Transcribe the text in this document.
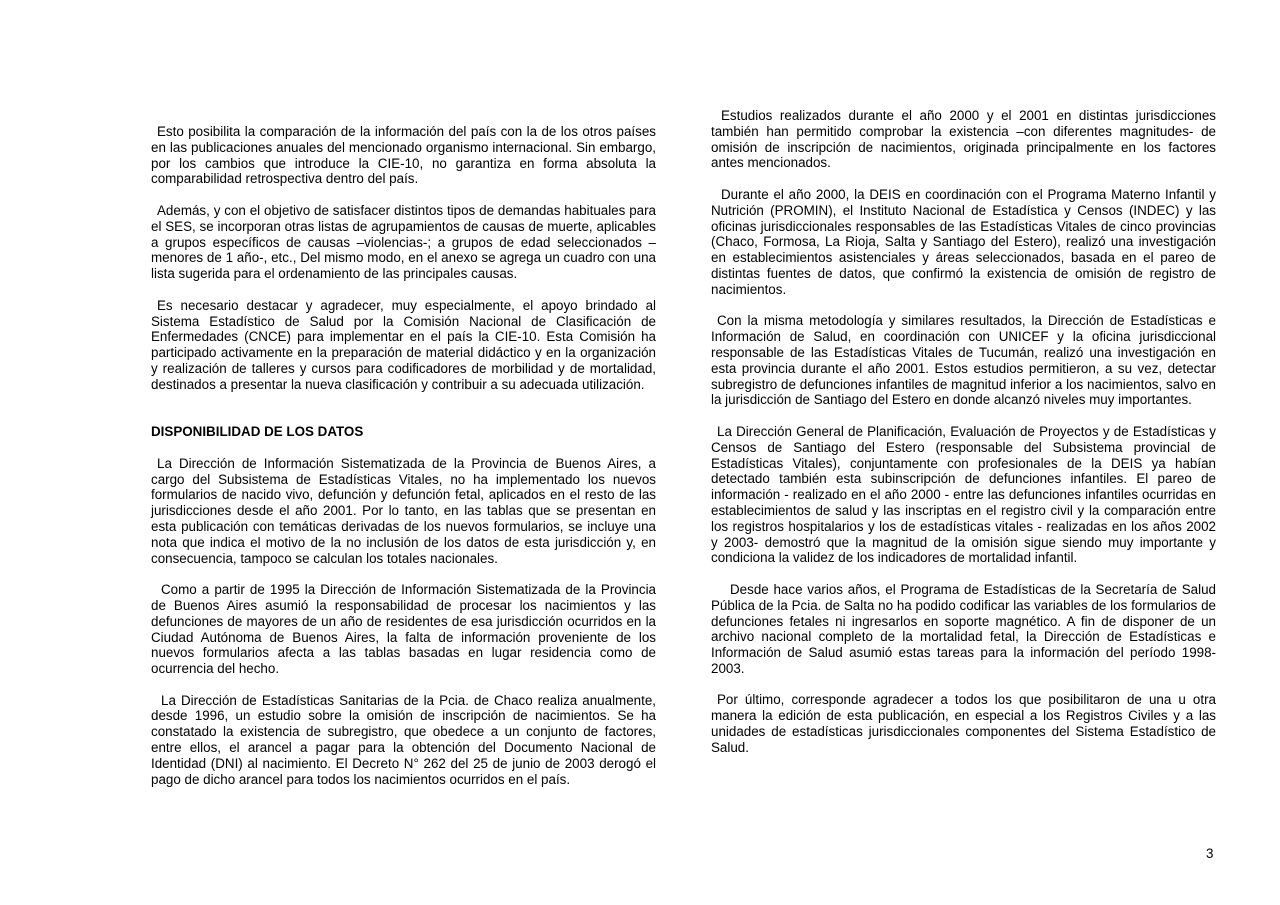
Esto posibilita la comparación de la información del país con la de los otros países en las publicaciones anuales del mencionado organismo internacional. Sin embargo, por los cambios que introduce la CIE-10, no garantiza en forma absoluta la comparabilidad retrospectiva dentro del país.

Además, y con el objetivo de satisfacer distintos tipos de demandas habituales para el SES, se incorporan otras listas de agrupamientos de causas de muerte, aplicables a grupos específicos de causas –violencias-; a grupos de edad seleccionados –menores de 1 año-, etc., Del mismo modo, en el anexo se agrega un cuadro con una lista sugerida para el ordenamiento de las principales causas.

Es necesario destacar y agradecer, muy especialmente, el apoyo brindado al Sistema Estadístico de Salud por la Comisión Nacional de Clasificación de Enfermedades (CNCE) para implementar en el país la CIE-10. Esta Comisión ha participado activamente en la preparación de material didáctico y en la organización y realización de talleres y cursos para codificadores de morbilidad y de mortalidad, destinados a presentar la nueva clasificación y contribuir a su adecuada utilización.

DISPONIBILIDAD DE LOS DATOS

La Dirección de Información Sistematizada de la Provincia de Buenos Aires, a cargo del Subsistema de Estadísticas Vitales, no ha implementado los nuevos formularios de nacido vivo, defunción y defunción fetal, aplicados en el resto de las jurisdicciones desde el año 2001. Por lo tanto, en las tablas que se presentan en esta publicación con temáticas derivadas de los nuevos formularios, se incluye una nota que indica el motivo de la no inclusión de los datos de esta jurisdicción y, en consecuencia, tampoco se calculan los totales nacionales.

Como a partir de 1995 la Dirección de Información Sistematizada de la Provincia de Buenos Aires asumió la responsabilidad de procesar los nacimientos y las defunciones de mayores de un año de residentes de esa jurisdicción ocurridos en la Ciudad Autónoma de Buenos Aires, la falta de información proveniente de los nuevos formularios afecta a las tablas basadas en lugar residencia como de ocurrencia del hecho.

La Dirección de Estadísticas Sanitarias de la Pcia. de Chaco realiza anualmente, desde 1996, un estudio sobre la omisión de inscripción de nacimientos. Se ha constatado la existencia de subregistro, que obedece a un conjunto de factores, entre ellos, el arancel a pagar para la obtención del Documento Nacional de Identidad (DNI) al nacimiento. El Decreto N° 262 del 25 de junio de 2003 derogó el pago de dicho arancel para todos los nacimientos ocurridos en el país.

Estudios realizados durante el año 2000 y el 2001 en distintas jurisdicciones también han permitido comprobar la existencia –con diferentes magnitudes- de omisión de inscripción de nacimientos, originada principalmente en los factores antes mencionados.

Durante el año 2000, la DEIS en coordinación con el Programa Materno Infantil y Nutrición (PROMIN), el Instituto Nacional de Estadística y Censos (INDEC) y las oficinas jurisdiccionales responsables de las Estadísticas Vitales de cinco provincias (Chaco, Formosa, La Rioja, Salta y Santiago del Estero), realizó una investigación en establecimientos asistenciales y áreas seleccionados, basada en el pareo de distintas fuentes de datos, que confirmó la existencia de omisión de registro de nacimientos.

Con la misma metodología y similares resultados, la Dirección de Estadísticas e Información de Salud, en coordinación con UNICEF y la oficina jurisdiccional responsable de las Estadísticas Vitales de Tucumán, realizó una investigación en esta provincia durante el año 2001. Estos estudios permitieron, a su vez, detectar subregistro de defunciones infantiles de magnitud inferior a los nacimientos, salvo en la jurisdicción de Santiago del Estero en donde alcanzó niveles muy importantes.

La Dirección General de Planificación, Evaluación de Proyectos y de Estadísticas y Censos de Santiago del Estero (responsable del Subsistema provincial de Estadísticas Vitales), conjuntamente con profesionales de la DEIS ya habían detectado también esta subinscripción de defunciones infantiles. El pareo de información - realizado en el año 2000 - entre las defunciones infantiles ocurridas en establecimientos de salud y las inscriptas en el registro civil y la comparación entre los registros hospitalarios y los de estadísticas vitales - realizadas en los años 2002 y 2003- demostró que la magnitud de la omisión sigue siendo muy importante y condiciona la validez de los indicadores de mortalidad infantil.

Desde hace varios años, el Programa de Estadísticas de la Secretaría de Salud Pública de la Pcia. de Salta no ha podido codificar las variables de los formularios de defunciones fetales ni ingresarlos en soporte magnético. A fin de disponer de un archivo nacional completo de la mortalidad fetal, la Dirección de Estadísticas e Información de Salud asumió estas tareas para la información del período 1998-2003.

Por último, corresponde agradecer a todos los que posibilitaron de una u otra manera la edición de esta publicación, en especial a los Registros Civiles y a las unidades de estadísticas jurisdiccionales componentes del Sistema Estadístico de Salud.

3
